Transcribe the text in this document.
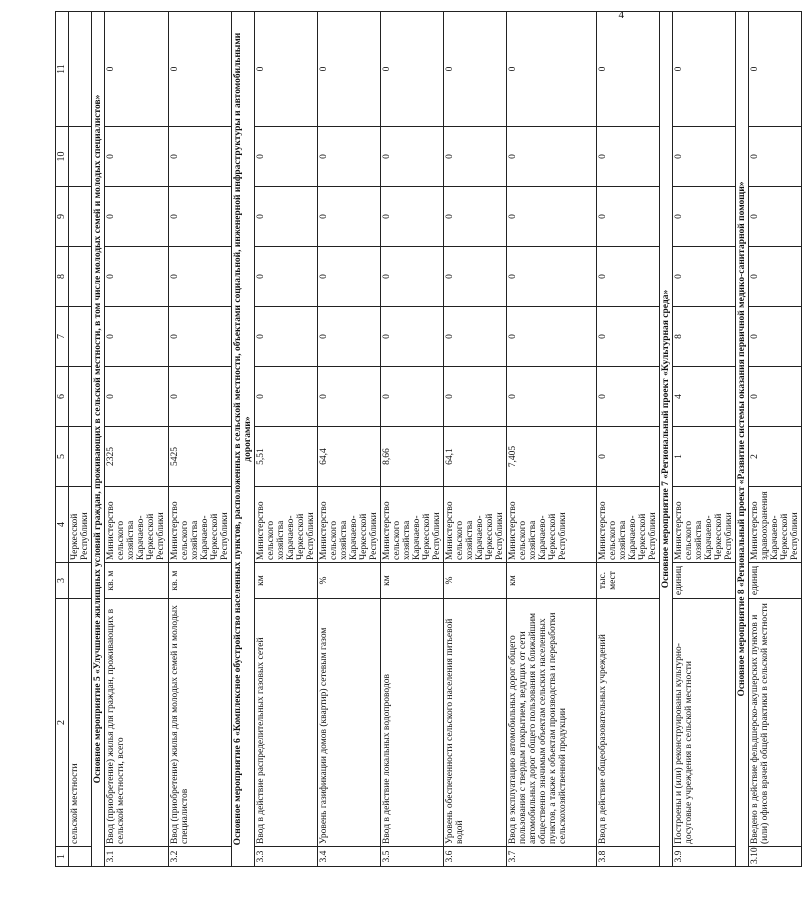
4
1	2	3	4	5	6	7	8	9	10	11
	сельской местности		Черкесской Республики							
Основное мероприятие 5 «Улучшение жилищных условий граждан, проживающих в сельской местности, в том числе молодых семей и молодых специалистов»										
3.1	Ввод (приобретение) жилья для граждан, проживающих в сельской местности, всего	кв. м	Министерство сельского хозяйства Карачаево-Черкесской Республики	2325	0	0	0	0	0	0
3.2	Ввод (приобретение) жилья для молодых семей и молодых специалистов	кв. м	Министерство сельского хозяйства Карачаево-Черкесской Республики	5425	0	0	0	0	0	0
Основное мероприятие 6 «Комплексное обустройство населенных пунктов, расположенных в сельской местности, объектами социальной, инженерной инфраструктуры и автомобильными дорогами»										
3.3	Ввод в действие распределительных газовых сетей	км	Министерство сельского хозяйства Карачаево-Черкесской Республики	5,51	0	0	0	0	0	0
3.4	Уровень газификации домов (квартир) сетевым газом	%	Министерство сельского хозяйства Карачаево-Черкесской Республики	64,4	0	0	0	0	0	0
3.5	Ввод в действие локальных водопроводов	км	Министерство сельского хозяйства Карачаево-Черкесской Республики	8,66	0	0	0	0	0	0
3.6	Уровень обеспеченности сельского населения питьевой водой	%	Министерство сельского хозяйства Карачаево-Черкесской Республики	64,1	0	0	0	0	0	0
3.7	Ввод в эксплуатацию автомобильных дорог общего пользования с твердым покрытием, ведущих от сети автомобильных дорог общего пользования к ближайшим общественно значимым объектам сельских населенных пунктов, а также к объектам производства и переработки сельскохозяйственной продукции	км	Министерство сельского хозяйства Карачаево-Черкесской Республики	7,405	0	0	0	0	0	0
3.8	Ввод в действие общеобразовательных учреждений	тыс. мест	Министерство сельского хозяйства Карачаево-Черкесской Республики	0	0	0	0	0	0	0
Основное мероприятие 7 «Региональный проект «Культурная среда»										
3.9	Построены и (или) реконструированы культурно-досуговые учреждения в сельской местности	единиц	Министерство сельского хозяйства Карачаево-Черкесской Республики	1	4	8	0	0	0	0
Основное мероприятие 8 «Региональный проект «Развитие системы оказания первичной медико-санитарной помощи»										
3.10	Введено в действие фельдшерско-акушерских пунктов и (или) офисов врачей общей практики в сельской местности	единиц	Министерство здравоохранения Карачаево-Черкесской Республики	2	0	0	0	0	0	0
